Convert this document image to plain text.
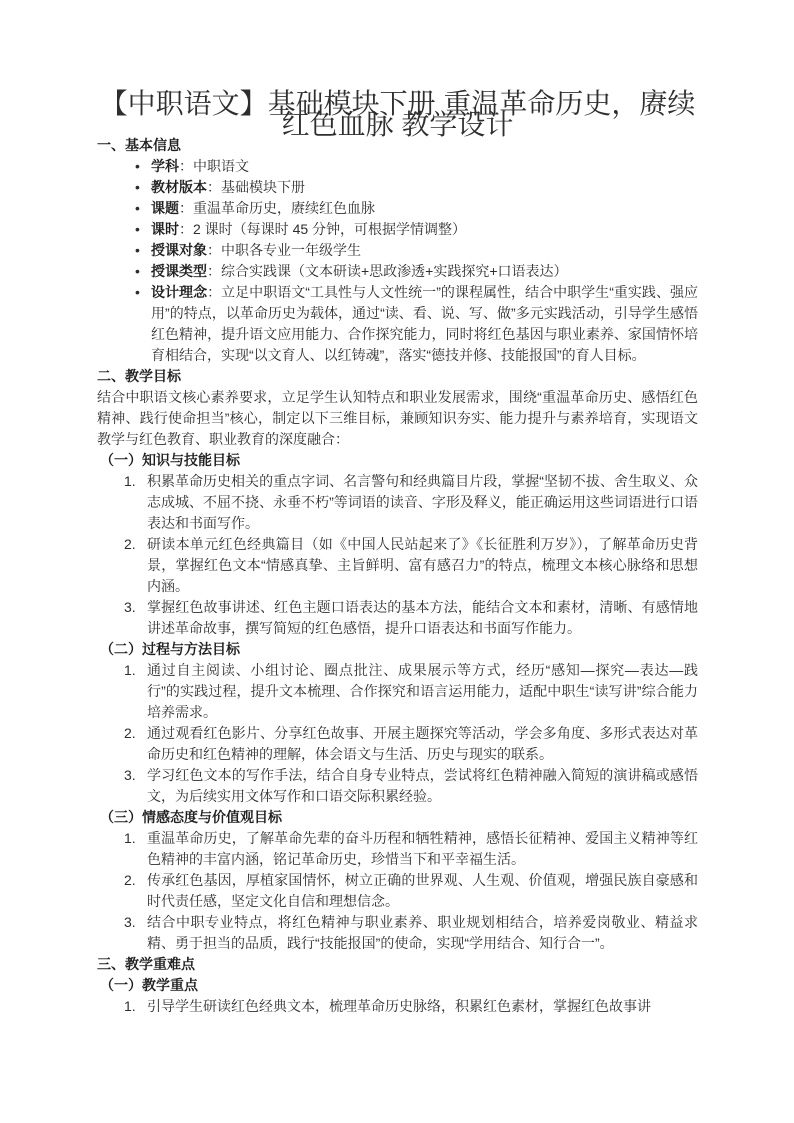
【中职语文】基础模块下册 重温革命历史，赓续红色血脉 教学设计
一、基本信息
• 学科：中职语文
• 教材版本：基础模块下册
• 课题：重温革命历史，赓续红色血脉
• 课时：2 课时（每课时 45 分钟，可根据学情调整）
• 授课对象：中职各专业一年级学生
• 授课类型：综合实践课（文本研读+思政渗透+实践探究+口语表达）
• 设计理念：立足中职语文“工具性与人文性统一”的课程属性，结合中职学生“重实践、强应用”的特点，以革命历史为载体，通过“读、看、说、写、做”多元实践活动，引导学生感悟红色精神，提升语文应用能力、合作探究能力，同时将红色基因与职业素养、家国情怀培育相结合，实现“以文育人、以红铸魂”，落实“德技并修、技能报国”的育人目标。
二、教学目标

结合中职语文核心素养要求，立足学生认知特点和职业发展需求，围绕“重温革命历史、感悟红色精神、践行使命担当”核心，制定以下三维目标，兼顾知识夯实、能力提升与素养培育，实现语文教学与红色教育、职业教育的深度融合：

（一）知识与技能目标
积累革命历史相关的重点字词、名言警句和经典篇目片段，掌握“坚韧不拔、舍生取义、众志成城、不屈不挠、永垂不朽”等词语的读音、字形及释义，能正确运用这些词语进行口语表达和书面写作。
研读本单元红色经典篇目（如《中国人民站起来了》《长征胜利万岁》），了解革命历史背景，掌握红色文本“情感真挚、主旨鲜明、富有感召力”的特点，梳理文本核心脉络和思想内涵。
掌握红色故事讲述、红色主题口语表达的基本方法，能结合文本和素材，清晰、有感情地讲述革命故事，撰写简短的红色感悟，提升口语表达和书面写作能力。
（二）过程与方法目标
通过自主阅读、小组讨论、圈点批注、成果展示等方式，经历“感知—探究—表达—践行”的实践过程，提升文本梳理、合作探究和语言运用能力，适配中职生“读写讲”综合能力培养需求。
通过观看红色影片、分享红色故事、开展主题探究等活动，学会多角度、多形式表达对革命历史和红色精神的理解，体会语文与生活、历史与现实的联系。
学习红色文本的写作手法，结合自身专业特点，尝试将红色精神融入简短的演讲稿或感悟文，为后续实用文体写作和口语交际积累经验。
（三）情感态度与价值观目标
重温革命历史，了解革命先辈的奋斗历程和牺牲精神，感悟长征精神、爱国主义精神等红色精神的丰富内涵，铭记革命历史，珍惜当下和平幸福生活。
传承红色基因，厚植家国情怀，树立正确的世界观、人生观、价值观，增强民族自豪感和时代责任感，坚定文化自信和理想信念。
结合中职专业特点，将红色精神与职业素养、职业规划相结合，培养爱岗敬业、精益求精、勇于担当的品质，践行“技能报国”的使命，实现“学用结合、知行合一”。
三、教学重难点
（一）教学重点
引导学生研读红色经典文本，梳理革命历史脉络，积累红色素材，掌握红色故事讲
